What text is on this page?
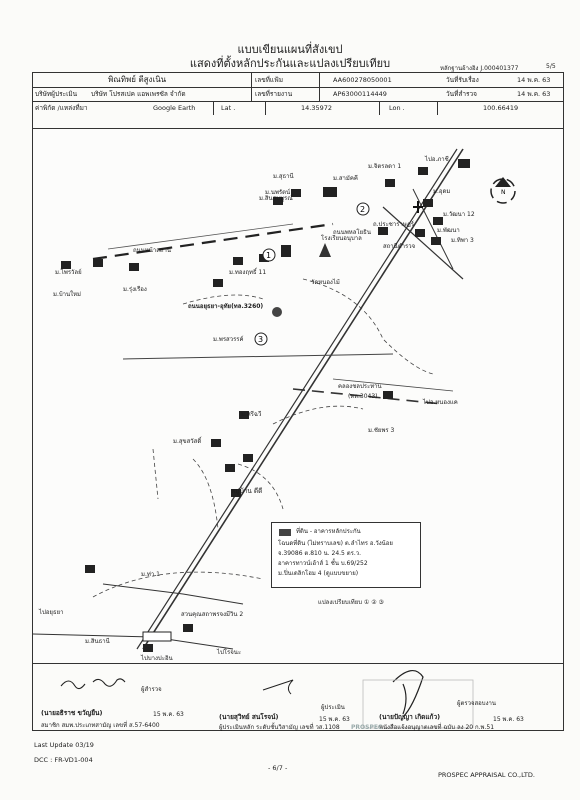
แบบเขียนแผนที่สังเขป
แสดงที่ตั้งหลักประกันและแปลงเปรียบเทียบ	หลักฐานอ้างอิง J.000401377	5/5
พิณทิพย์ ตีสูงเนิน	เลขที่แฟ้ม	AA600278050001	วันที่รับเรื่อง	14 พ.ค. 63
บริษัทผู้ประเมิน บริษัท โปรสเปค แอพเพรซัล จำกัด	เลขที่รายงาน	AP63000114449	วันที่สำรวจ	14 พ.ค. 63
ค่าพิกัด /แหล่งที่มา	Google Earth	Lat .	14.35972	Lon .	100.66419
1
2
3
N
ไปอ.ภาชี
ถนนอยุธยา-อุทัย(ทล.3260)
ถนนหน้าสถานี
คลองชลประทาน
(ทล.3043)
ไปอ.หนองแค
ไปอยุธยา
ไปบางปะอิน
ไปโรจนะ
หมู่บ้าน ดีดี
สถานีตำรวจ
วัดหนองไม้
โรงเรียนอนุบาล
สวนคุณสถาพรจงมีวิน 2
ม.สินธานี
ม.ท่า 1
ม.พรสวรรค์
ม.สุขสวัสดิ์
ม.ชัยพร 3
ม.รุ่งเรือง
ม.ทองฤทธิ์ 11
ม.จิตรลดา 1
ม.สินสมบูรณ์
ม.วัฒนา 12
ม.อุดม
ม.พัฒนา
ม.ทิพา 3
ม.สุธานี
ถนนพหลโยธิน
ถ.ประชาราษฎร์
ม.ศรีฉวี
ม.ไพรวัลย์
ม.สามัคคี
ม.บ้านใหม่
ม.นพรัตน์
แปลงเปรียบเทียบ ① ② ③
ที่ดิน - อาคารหลักประกัน
โฉนดที่ดิน (ไม่ทราบเลข) ต.ลำไทร อ.วังน้อย
จ.39086 ต.810 น. 24.5 ตร.ว.
อาคารทาวน์เฮ้าส์ 1 ชั้น บ.69/252
ม.ปิ่นเดลิกโฮม 4 (ดูแบบขยาย)
ผู้สำรวจ
(นายอธิราช ขวัญยืน)	15 พ.ค. 63
สมาชิก สมพ.ประเภทสามัญ เลขที่ ส.57-6400
ผู้ประเมิน
(นายสุวิทย์ สนโรจน์)	15 พ.ค. 63
ผู้ประเมินหลัก ระดับชั้นวิสามัญ เลขที่ วส.1108
ผู้ตรวจสอบงาน
(นายปัญญา เกิดแก้ว)	15 พ.ค. 63
หนังสือแจ้งอนุญาตเลขที่ ฉบับ ลง 20 ก.พ.51
PROSPEC
Last Update 03/19
DCC : FR-VD1-004
- 6/7 -
PROSPEC APPRAISAL CO.,LTD.
